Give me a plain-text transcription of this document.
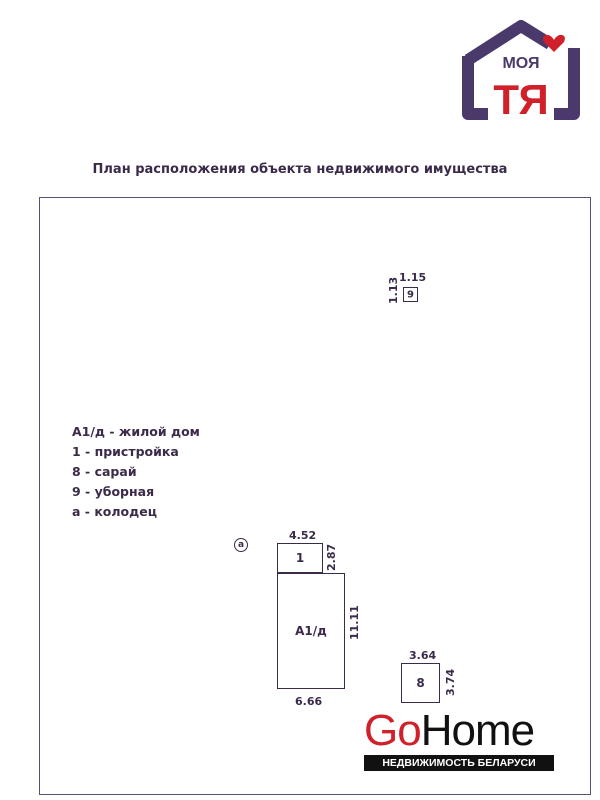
МОЯ
ТЯ
План расположения объекта недвижимого имущества
А1/д - жилой дом
1 - пристройка
8 - сарай
9 - уборная
а - колодец
1.15
1.13 9
а
4.52
2.87
1
А1/д	11.11
6.66
3.64
8	3.74
GoHome
НЕДВИЖИМОСТЬ БЕЛАРУСИ
